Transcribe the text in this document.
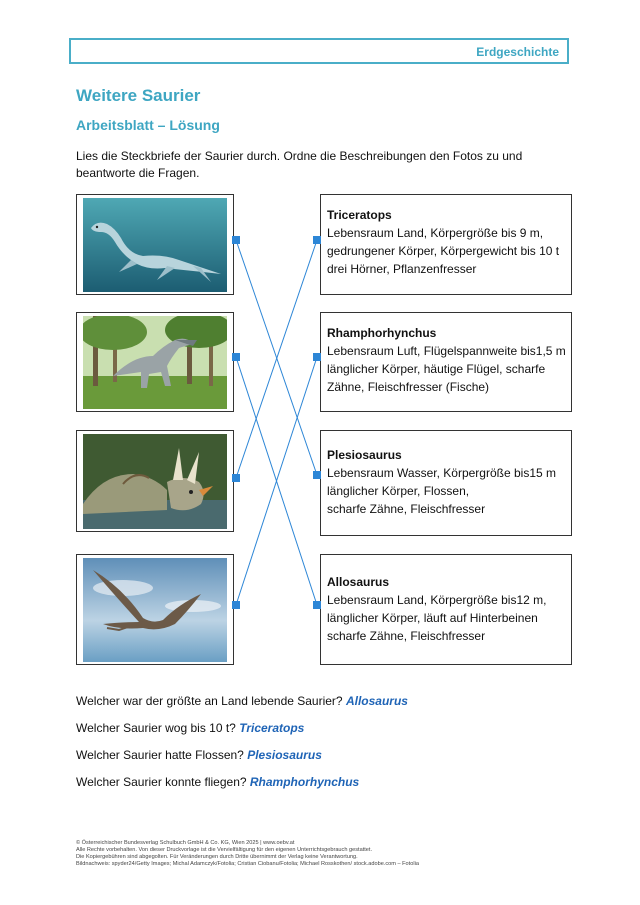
Erdgeschichte
Weitere Saurier
Arbeitsblatt – Lösung
Lies die Steckbriefe der Saurier durch. Ordne die Beschreibungen den Fotos zu und beantworte die Fragen.
Triceratops
Lebensraum Land, Körpergröße bis 9 m,
gedrungener Körper, Körpergewicht bis 10 t
drei Hörner, Pflanzenfresser
Rhamphorhynchus
Lebensraum Luft, Flügelspannweite bis1,5 m
länglicher Körper, häutige Flügel, scharfe
Zähne, Fleischfresser (Fische)
Plesiosaurus
Lebensraum Wasser, Körpergröße bis15 m
länglicher Körper, Flossen,
scharfe Zähne, Fleischfresser
Allosaurus
Lebensraum Land, Körpergröße bis12 m,
länglicher Körper, läuft auf Hinterbeinen
scharfe Zähne, Fleischfresser
Welcher war der größte an Land lebende Saurier? Allosaurus
Welcher Saurier wog bis 10 t? Triceratops
Welcher Saurier hatte Flossen? Plesiosaurus
Welcher Saurier konnte fliegen? Rhamphorhynchus
© Österreichischer Bundesverlag Schulbuch GmbH & Co. KG, Wien 2025 | www.oebv.at
Alle Rechte vorbehalten. Von dieser Druckvorlage ist die Vervielfältigung für den eigenen Unterrichtsgebrauch gestattet.
Die Kopiergebühren sind abgegolten. Für Veränderungen durch Dritte übernimmt der Verlag keine Verantwortung.
Bildnachweis: spyder24/Getty Images; Michal Adamczyk/Fotolia; Cristian Ciobanu/Fotolia; Michael Rosskothen/ stock.adobe.com – Fotolia
